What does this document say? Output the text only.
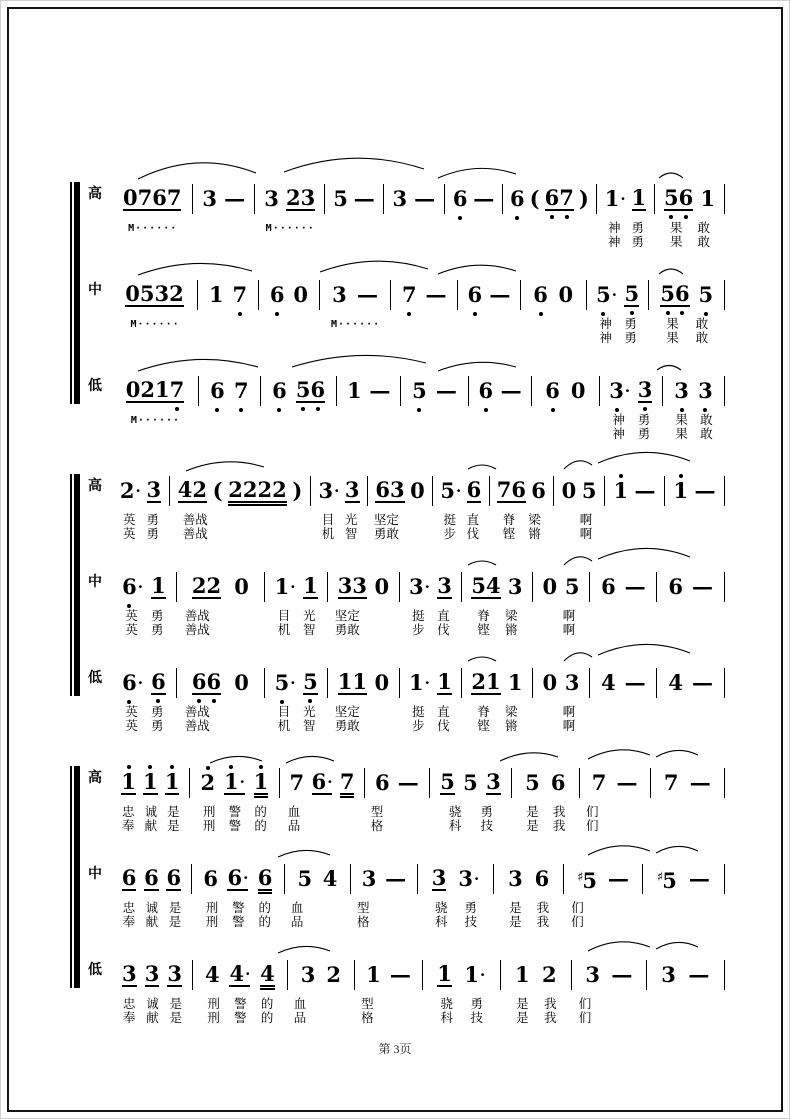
高 0767
M······
3 — 3 23
M······
5 — 3 — 6 — 6 ( 67 ) 1· 1
神 勇
神 勇
56 1
果 敢
果 敢
中	0532
M······
1 7 6 0 3 —
M······
7 — 6 — 6 0 5· 5
神 勇
神 勇
56 5
果 敢
果 敢
低	0217
M······
6 7 6 56 1 — 5 — 6 — 6 0 3· 3
神 勇
神 勇
3 3
果 敢
果 敢
高 2· 3
英 勇
英 勇
42 ( 2222 )
善战
善战
3· 3
目 光
机 智
63 0
坚定
勇敢
5· 6
挺 直
步 伐
76 6
脊 梁
铿 锵
0 5
啊
啊
1 — 1 —
中 6· 1
英 勇
英 勇
22 0
善战
善战
1· 1
目 光
机 智
33 0
坚定
勇敢
3· 3
挺 直
步 伐
54 3
脊 梁
铿 锵
0 5
啊
啊
6 — 6 —
低 6· 6
英 勇
英 勇
66 0
善战
善战
5· 5
目 光
机 智
11 0
坚定
勇敢
1· 1
挺 直
步 伐
21 1
脊 梁
铿 锵
0 3
啊
啊
4 — 4 —
高 1 1 1
忠 诚 是
奉 献 是
2 1· 1
刑 警 的
刑 警 的
7 6· 7
血
品
6 —
型
格
5 5 3
骁 勇
科 技
5 6
是 我
是 我
7 —
们
们
7 —
中 6 6 6
忠 诚 是
奉 献 是
6 6· 6
刑 警 的
刑 警 的
5 4
血
品
3 —
型
格
3 3·
骁 勇
科 技
3 6
是 我
是 我
♯5 —
们
们
♯5 —
低 3 3 3
忠 诚 是
奉 献 是
4 4· 4
刑 警 的
刑 警 的
3 2
血
品
1 —
型
格
1 1·
骁 勇
科 技
1 2
是 我
是 我
3 —
们
们
3 —
第 3页
